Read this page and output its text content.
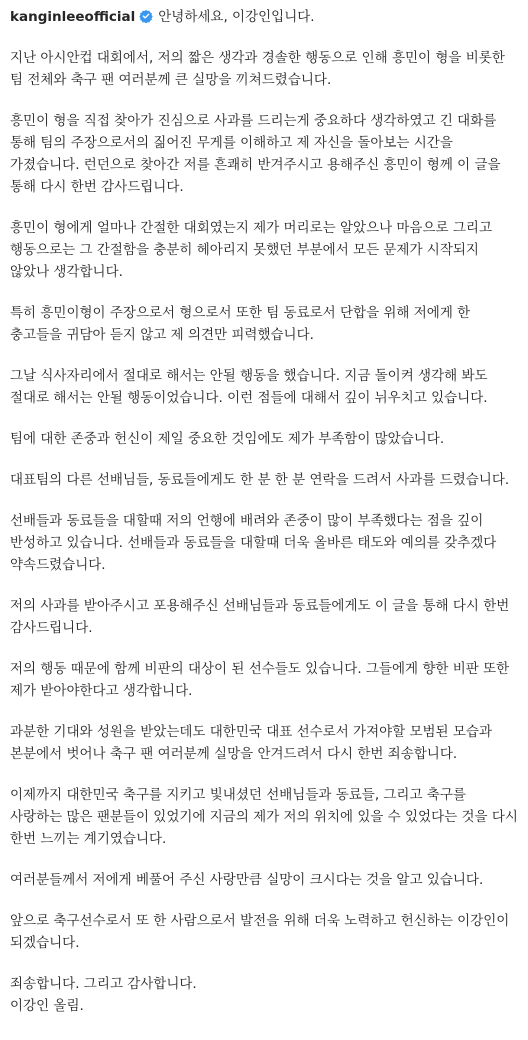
kanginleeofficial 안녕하세요, 이강인입니다.

지난 아시안컵 대회에서, 저의 짧은 생각과 경솔한 행동으로 인해 흥민이 형을 비롯한 팀 전체와 축구 팬 여러분께 큰 실망을 끼쳐드렸습니다.

흥민이 형을 직접 찾아가 진심으로 사과를 드리는게 중요하다 생각하였고 긴 대화를 통해 팀의 주장으로서의 짊어진 무게를 이해하고 제 자신을 돌아보는 시간을 가졌습니다. 런던으로 찾아간 저를 흔쾌히 반겨주시고 용해주신 흥민이 형께 이 글을 통해 다시 한번 감사드립니다.

흥민이 형에게 얼마나 간절한 대회였는지 제가 머리로는 알았으나 마음으로 그리고 행동으로는 그 간절함을 충분히 헤아리지 못했던 부분에서 모든 문제가 시작되지 않았나 생각합니다.

특히 흥민이형이 주장으로서 형으로서 또한 팀 동료로서 단합을 위해 저에게 한 충고들을 귀담아 듣지 않고 제 의견만 피력했습니다.

그날 식사자리에서 절대로 해서는 안될 행동을 했습니다. 지금 돌이켜 생각해 봐도 절대로 해서는 안될 행동이었습니다. 이런 점들에 대해서 깊이 뉘우치고 있습니다.

팀에 대한 존중과 헌신이 제일 중요한 것임에도 제가 부족함이 많았습니다.

대표팀의 다른 선배님들, 동료들에게도 한 분 한 분 연락을 드려서 사과를 드렸습니다.

선배들과 동료들을 대할때 저의 언행에 배려와 존중이 많이 부족했다는 점을 깊이 반성하고 있습니다. 선배들과 동료들을 대할때 더욱 올바른 태도와 예의를 갖추겠다 약속드렸습니다.

저의 사과를 받아주시고 포용해주신 선배님들과 동료들에게도 이 글을 통해 다시 한번 감사드립니다.

저의 행동 때문에 함께 비판의 대상이 된 선수들도 있습니다. 그들에게 향한 비판 또한 제가 받아야한다고 생각합니다.

과분한 기대와 성원을 받았는데도 대한민국 대표 선수로서 가져야할 모범된 모습과 본분에서 벗어나 축구 팬 여러분께 실망을 안겨드려서 다시 한번 죄송합니다.

이제까지 대한민국 축구를 지키고 빛내셨던 선배님들과 동료들, 그리고 축구를 사랑하는 많은 팬분들이 있었기에 지금의 제가 저의 위치에 있을 수 있었다는 것을 다시 한번 느끼는 계기였습니다.

여러분들께서 저에게 베풀어 주신 사랑만큼 실망이 크시다는 것을 알고 있습니다.

앞으로 축구선수로서 또 한 사람으로서 발전을 위해 더욱 노력하고 헌신하는 이강인이 되겠습니다.

죄송합니다. 그리고 감사합니다.

이강인 올림.
